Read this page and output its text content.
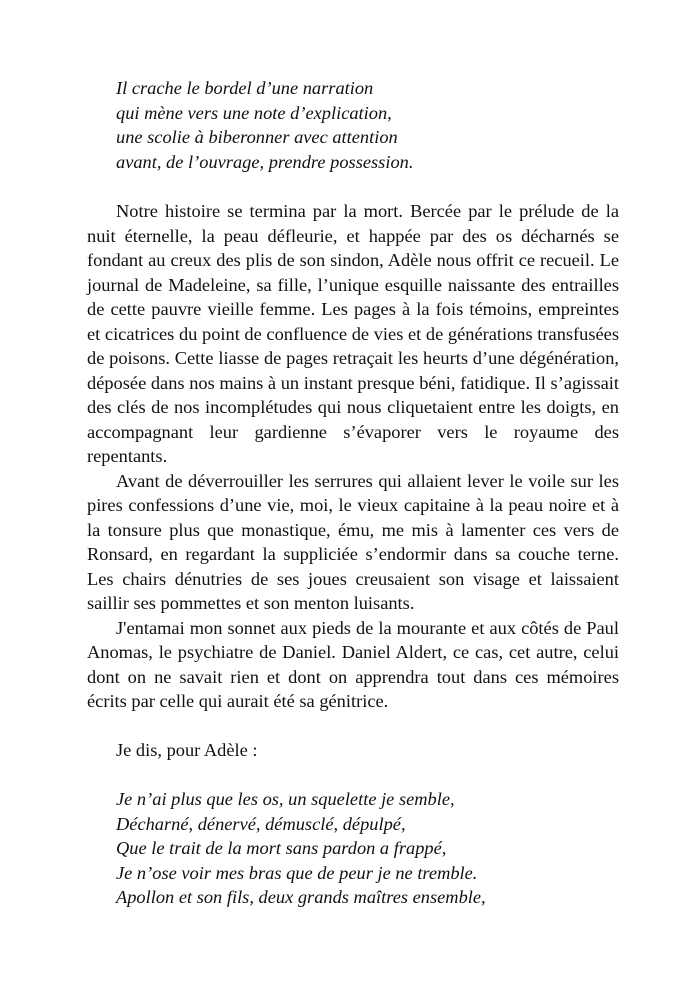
Il crache le bordel d’une narration
qui mène vers une note d’explication,
une scolie à biberonner avec attention
avant, de l’ouvrage, prendre possession.

Notre histoire se termina par la mort. Bercée par le prélude de la nuit éternelle, la peau défleurie, et happée par des os décharnés se fondant au creux des plis de son sindon, Adèle nous offrit ce recueil. Le journal de Madeleine, sa fille, l’unique esquille naissante des entrailles de cette pauvre vieille femme. Les pages à la fois témoins, empreintes et cicatrices du point de confluence de vies et de générations transfusées de poisons. Cette liasse de pages retraçait les heurts d’une dégénération, déposée dans nos mains à un instant presque béni, fatidique. Il s’agissait des clés de nos incomplétudes qui nous cliquetaient entre les doigts, en accompagnant leur gardienne s’évaporer vers le royaume des repentants.

Avant de déverrouiller les serrures qui allaient lever le voile sur les pires confessions d’une vie, moi, le vieux capitaine à la peau noire et à la tonsure plus que monastique, ému, me mis à lamenter ces vers de Ronsard, en regardant la suppliciée s’endormir dans sa couche terne. Les chairs dénutries de ses joues creusaient son visage et laissaient saillir ses pommettes et son menton luisants.

J'entamai mon sonnet aux pieds de la mourante et aux côtés de Paul Anomas, le psychiatre de Daniel. Daniel Aldert, ce cas, cet autre, celui dont on ne savait rien et dont on apprendra tout dans ces mémoires écrits par celle qui aurait été sa génitrice.

Je dis, pour Adèle :
Je n’ai plus que les os, un squelette je semble,
Décharné, dénervé, démusclé, dépulpé,
Que le trait de la mort sans pardon a frappé,
Je n’ose voir mes bras que de peur je ne tremble.
Apollon et son fils, deux grands maîtres ensemble,
